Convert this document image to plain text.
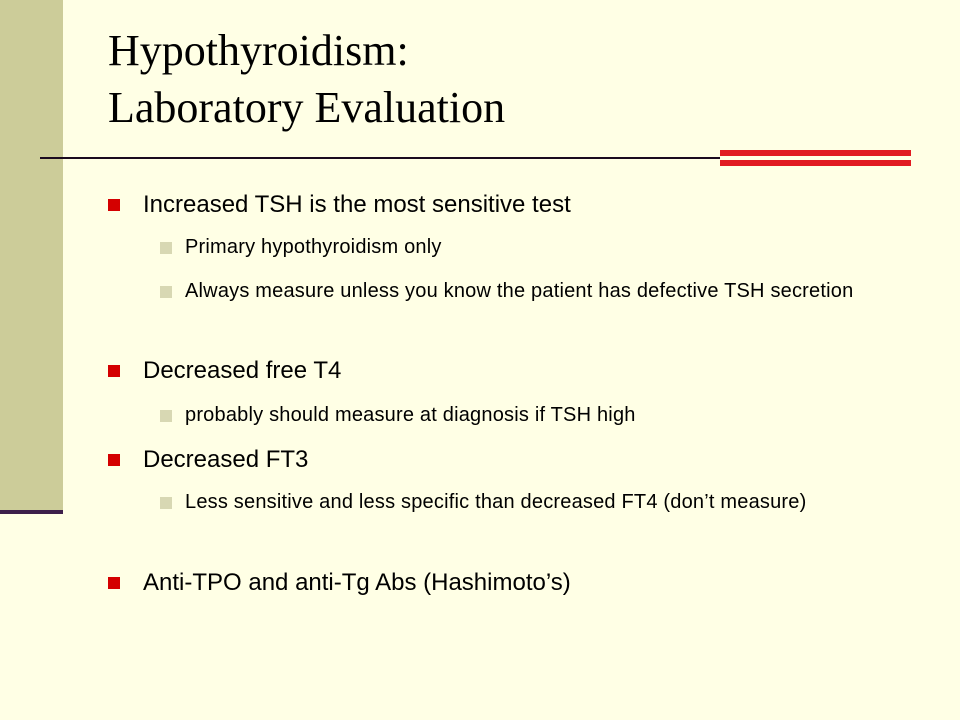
Hypothyroidism:
Laboratory Evaluation
Increased TSH is the most sensitive test
Primary hypothyroidism only
Always measure unless you know the patient has defective TSH secretion
Decreased free T4
probably should measure at diagnosis if TSH high
Decreased FT3
Less sensitive and less specific than decreased FT4 (don’t measure)
Anti-TPO and anti-Tg Abs (Hashimoto’s)
